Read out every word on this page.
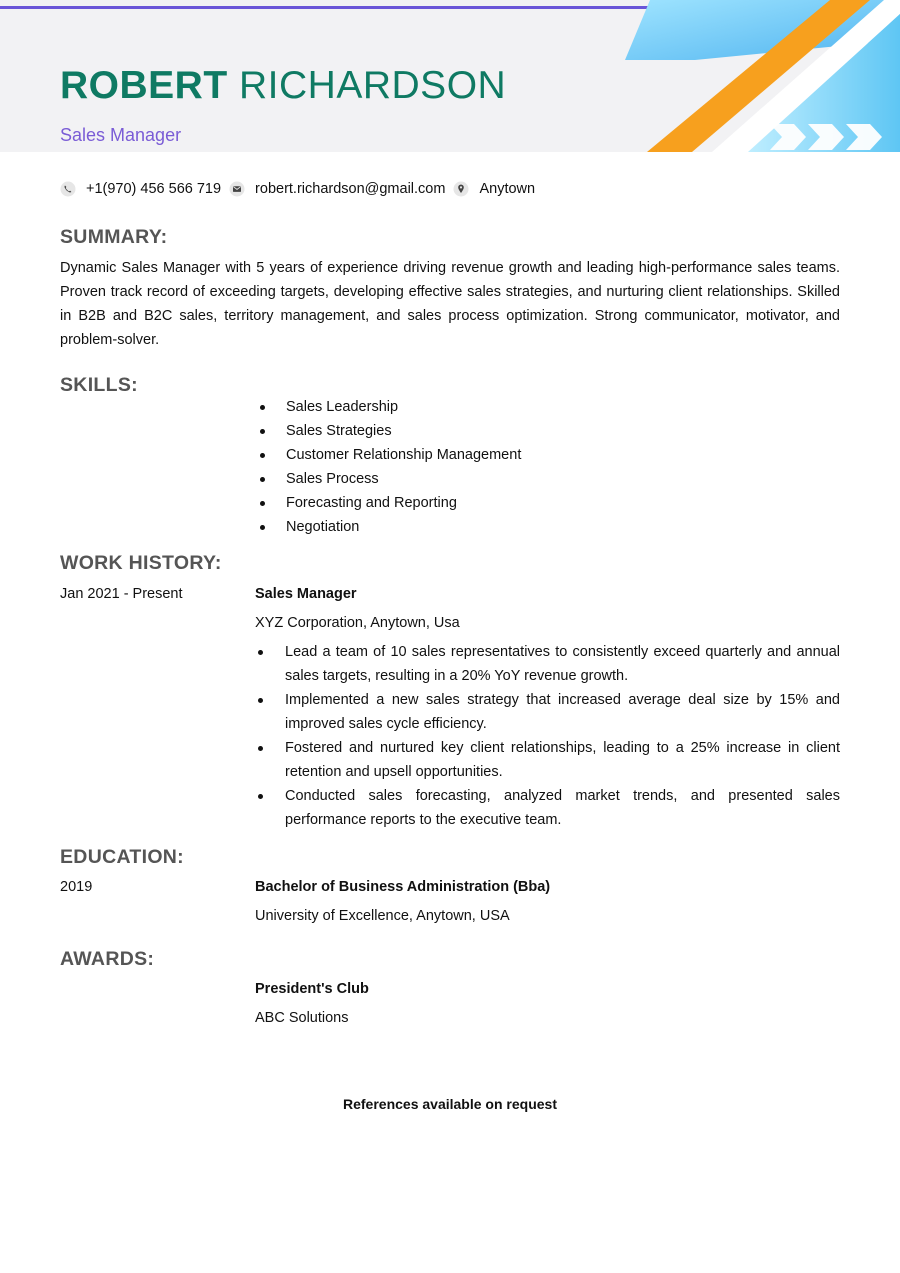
ROBERT RICHARDSON
Sales Manager
+1(970) 456 566 719 robert.richardson@gmail.com Anytown
SUMMARY:

Dynamic Sales Manager with 5 years of experience driving revenue growth and leading high-performance sales teams. Proven track record of exceeding targets, developing effective sales strategies, and nurturing client relationships. Skilled in B2B and B2C sales, territory management, and sales process optimization. Strong communicator, motivator, and problem-solver.

SKILLS:
Sales Leadership
Sales Strategies
Customer Relationship Management
Sales Process
Forecasting and Reporting
Negotiation
WORK HISTORY:
Jan 2021 - Present	Sales Manager
XYZ Corporation, Anytown, Usa
Lead a team of 10 sales representatives to consistently exceed quarterly and annual sales targets, resulting in a 20% YoY revenue growth.
Implemented a new sales strategy that increased average deal size by 15% and improved sales cycle efficiency.
Fostered and nurtured key client relationships, leading to a 25% increase in client retention and upsell opportunities.
Conducted sales forecasting, analyzed market trends, and presented sales performance reports to the executive team.
EDUCATION:
2019	Bachelor of Business Administration (Bba)
University of Excellence, Anytown, USA
AWARDS:
President's Club
ABC Solutions
References available on request
